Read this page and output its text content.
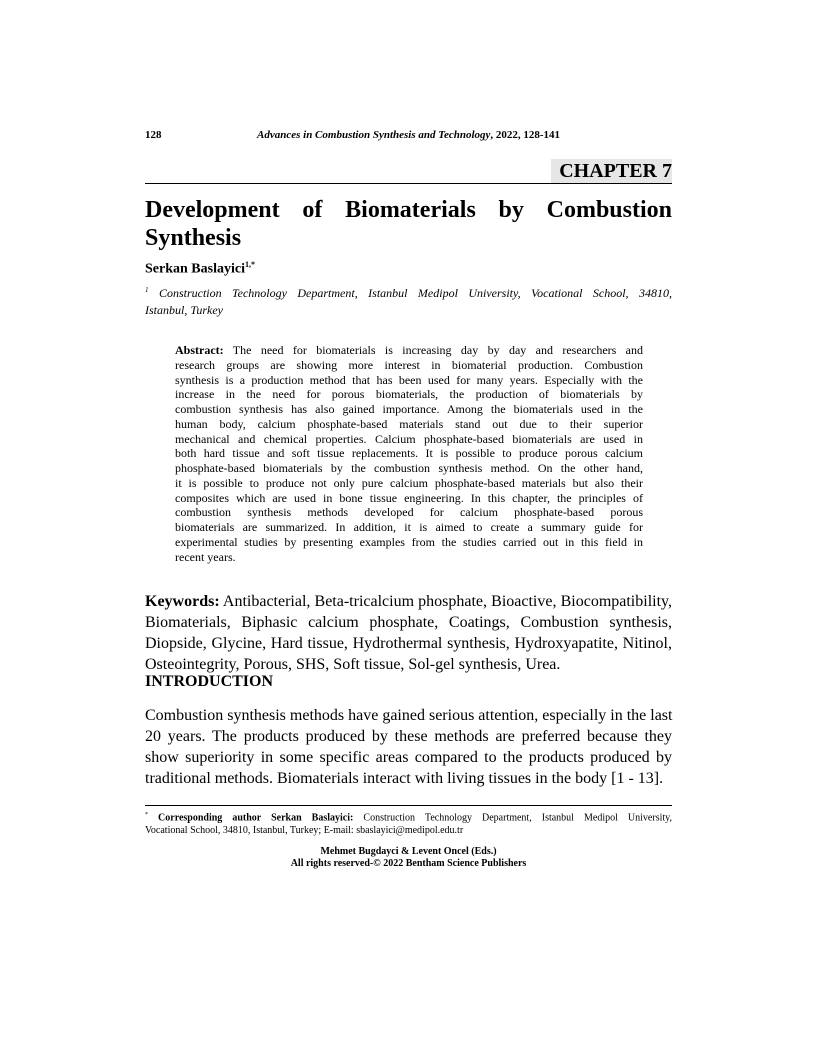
128	Advances in Combustion Synthesis and Technology, 2022, 128-141
CHAPTER 7
Development of Biomaterials by Combustion
Synthesis
Serkan Baslayici$^{1,*}$
$^1$ Construction Technology Department, Istanbul Medipol University, Vocational School, 34810,
Istanbul, Turkey
Abstract: The need for biomaterials is increasing day by day and researchers and
research groups are showing more interest in biomaterial production. Combustion
synthesis is a production method that has been used for many years. Especially with the
increase in the need for porous biomaterials, the production of biomaterials by
combustion synthesis has also gained importance. Among the biomaterials used in the
human body, calcium phosphate-based materials stand out due to their superior
mechanical and chemical properties. Calcium phosphate-based biomaterials are used in
both hard tissue and soft tissue replacements. It is possible to produce porous calcium
phosphate-based biomaterials by the combustion synthesis method. On the other hand,
it is possible to produce not only pure calcium phosphate-based materials but also their
composites which are used in bone tissue engineering. In this chapter, the principles of
combustion synthesis methods developed for calcium phosphate-based porous
biomaterials are summarized. In addition, it is aimed to create a summary guide for
experimental studies by presenting examples from the studies carried out in this field in
recent years.
Keywords: Antibacterial, Beta-tricalcium phosphate, Bioactive, Biocompatibility,
Biomaterials, Biphasic calcium phosphate, Coatings, Combustion synthesis,
Diopside, Glycine, Hard tissue, Hydrothermal synthesis, Hydroxyapatite, Nitinol,
Osteointegrity, Porous, SHS, Soft tissue, Sol-gel synthesis, Urea.
INTRODUCTION
Combustion synthesis methods have gained serious attention, especially in the last
20 years. The products produced by these methods are preferred because they
show superiority in some specific areas compared to the products produced by
traditional methods. Biomaterials interact with living tissues in the body [1 - 13].
* Corresponding author Serkan Baslayici: Construction Technology Department, Istanbul Medipol University,
Vocational School, 34810, Istanbul, Turkey; E-mail: sbaslayici@medipol.edu.tr
Mehmet Bugdayci & Levent Oncel (Eds.)
All rights reserved-© 2022 Bentham Science Publishers
